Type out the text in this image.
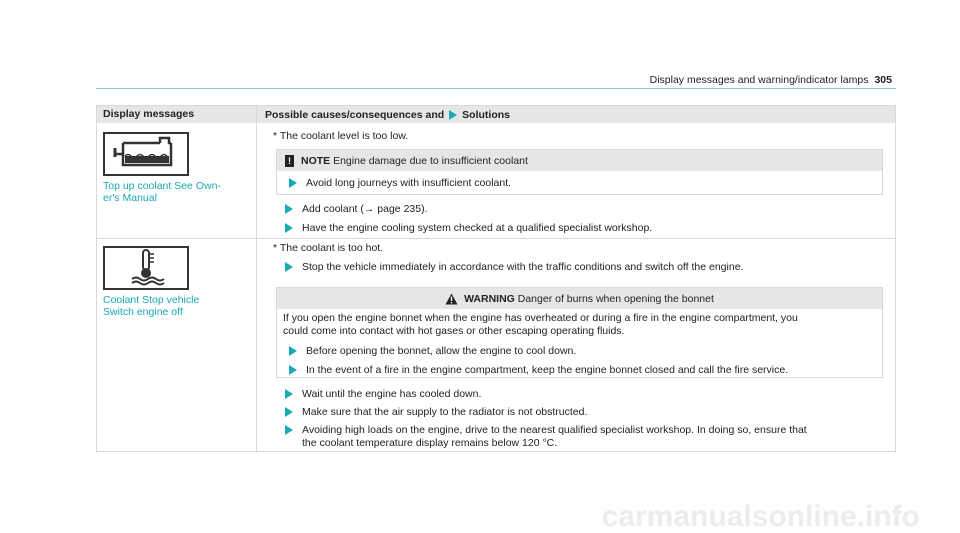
Display messages and warning/indicator lamps 305
Display messages	Possible causes/consequences and Solutions
Top up coolant See Own-
er's Manual
* The coolant level is too low.
! NOTE
Engine damage due to insufficient coolant
Avoid long journeys with insufficient coolant.
Add coolant (→ page 235).
Have the engine cooling system checked at a qualified specialist workshop.
Coolant Stop vehicle
Switch engine off
* The coolant is too hot.
Stop the vehicle immediately in accordance with the traffic conditions and switch off the engine.
WARNING
Danger of burns when opening the bonnet
If you open the engine bonnet when the engine has overheated or during a fire in the engine compartment, you
could come into contact with hot gases or other escaping operating fluids.
Before opening the bonnet, allow the engine to cool down.
In the event of a fire in the engine compartment, keep the engine bonnet closed and call the fire service.
Wait until the engine has cooled down.
Make sure that the air supply to the radiator is not obstructed.
Avoiding high loads on the engine, drive to the nearest qualified specialist workshop. In doing so, ensure that
the coolant temperature display remains below 120 °C.
carmanualsonline.info
